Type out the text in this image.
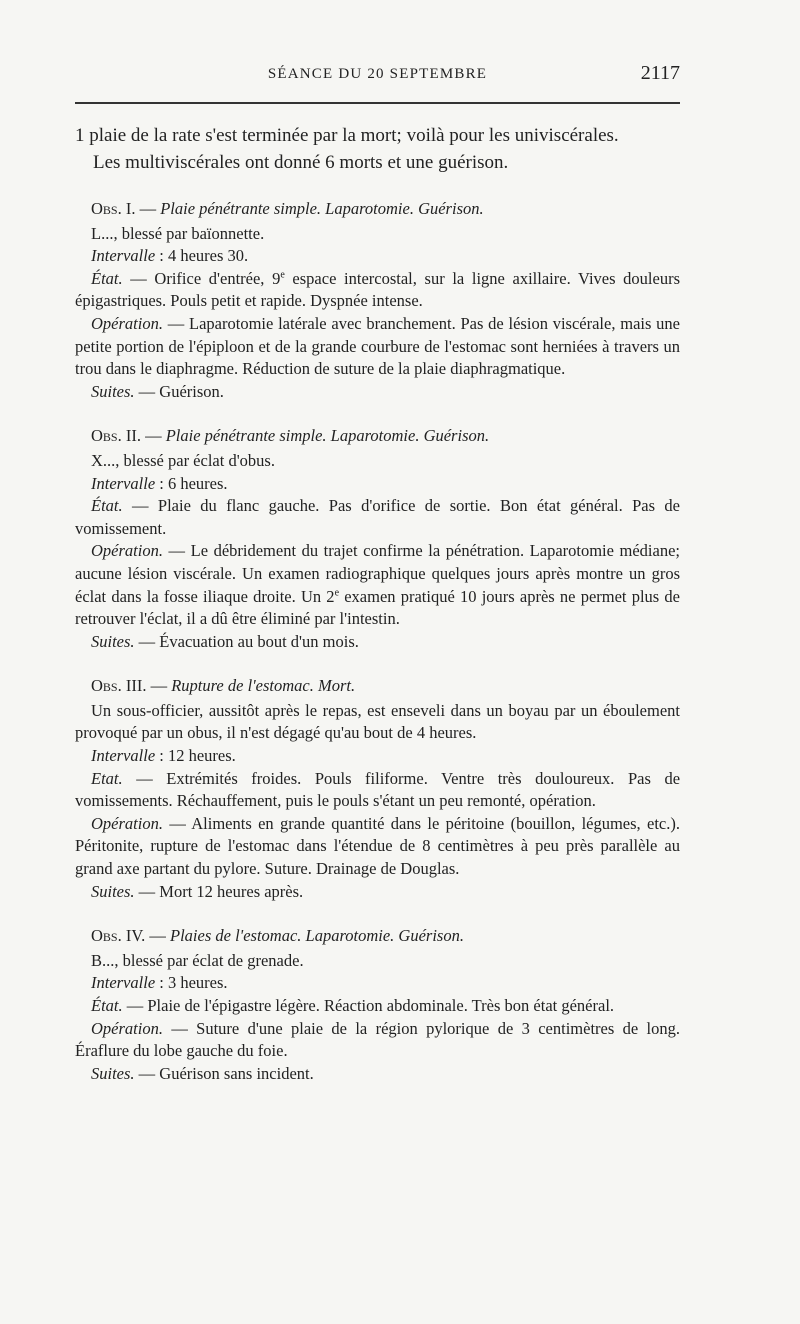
SÉANCE DU 20 SEPTEMBRE	2117

1 plaie de la rate s'est terminée par la mort; voilà pour les univiscérales.

Les multiviscérales ont donné 6 morts et une guérison.

Obs. I. — Plaie pénétrante simple. Laparotomie. Guérison.

L..., blessé par baïonnette.

Intervalle : 4 heures 30.

État. — Orifice d'entrée, 9e espace intercostal, sur la ligne axillaire. Vives douleurs épigastriques. Pouls petit et rapide. Dyspnée intense.

Opération. — Laparotomie latérale avec branchement. Pas de lésion viscérale, mais une petite portion de l'épiploon et de la grande courbure de l'estomac sont herniées à travers un trou dans le diaphragme. Réduction de suture de la plaie diaphragmatique.

Suites. — Guérison.

Obs. II. — Plaie pénétrante simple. Laparotomie. Guérison.

X..., blessé par éclat d'obus.

Intervalle : 6 heures.

État. — Plaie du flanc gauche. Pas d'orifice de sortie. Bon état général. Pas de vomissement.

Opération. — Le débridement du trajet confirme la pénétration. Laparotomie médiane; aucune lésion viscérale. Un examen radiographique quelques jours après montre un gros éclat dans la fosse iliaque droite. Un 2e examen pratiqué 10 jours après ne permet plus de retrouver l'éclat, il a dû être éliminé par l'intestin.

Suites. — Évacuation au bout d'un mois.

Obs. III. — Rupture de l'estomac. Mort.

Un sous-officier, aussitôt après le repas, est enseveli dans un boyau par un éboulement provoqué par un obus, il n'est dégagé qu'au bout de 4 heures.

Intervalle : 12 heures.

Etat. — Extrémités froides. Pouls filiforme. Ventre très douloureux. Pas de vomissements. Réchauffement, puis le pouls s'étant un peu remonté, opération.

Opération. — Aliments en grande quantité dans le péritoine (bouillon, légumes, etc.). Péritonite, rupture de l'estomac dans l'étendue de 8 centimètres à peu près parallèle au grand axe partant du pylore. Suture. Drainage de Douglas.

Suites. — Mort 12 heures après.

Obs. IV. — Plaies de l'estomac. Laparotomie. Guérison.

B..., blessé par éclat de grenade.

Intervalle : 3 heures.

État. — Plaie de l'épigastre légère. Réaction abdominale. Très bon état général.

Opération. — Suture d'une plaie de la région pylorique de 3 centimètres de long. Éraflure du lobe gauche du foie.

Suites. — Guérison sans incident.
